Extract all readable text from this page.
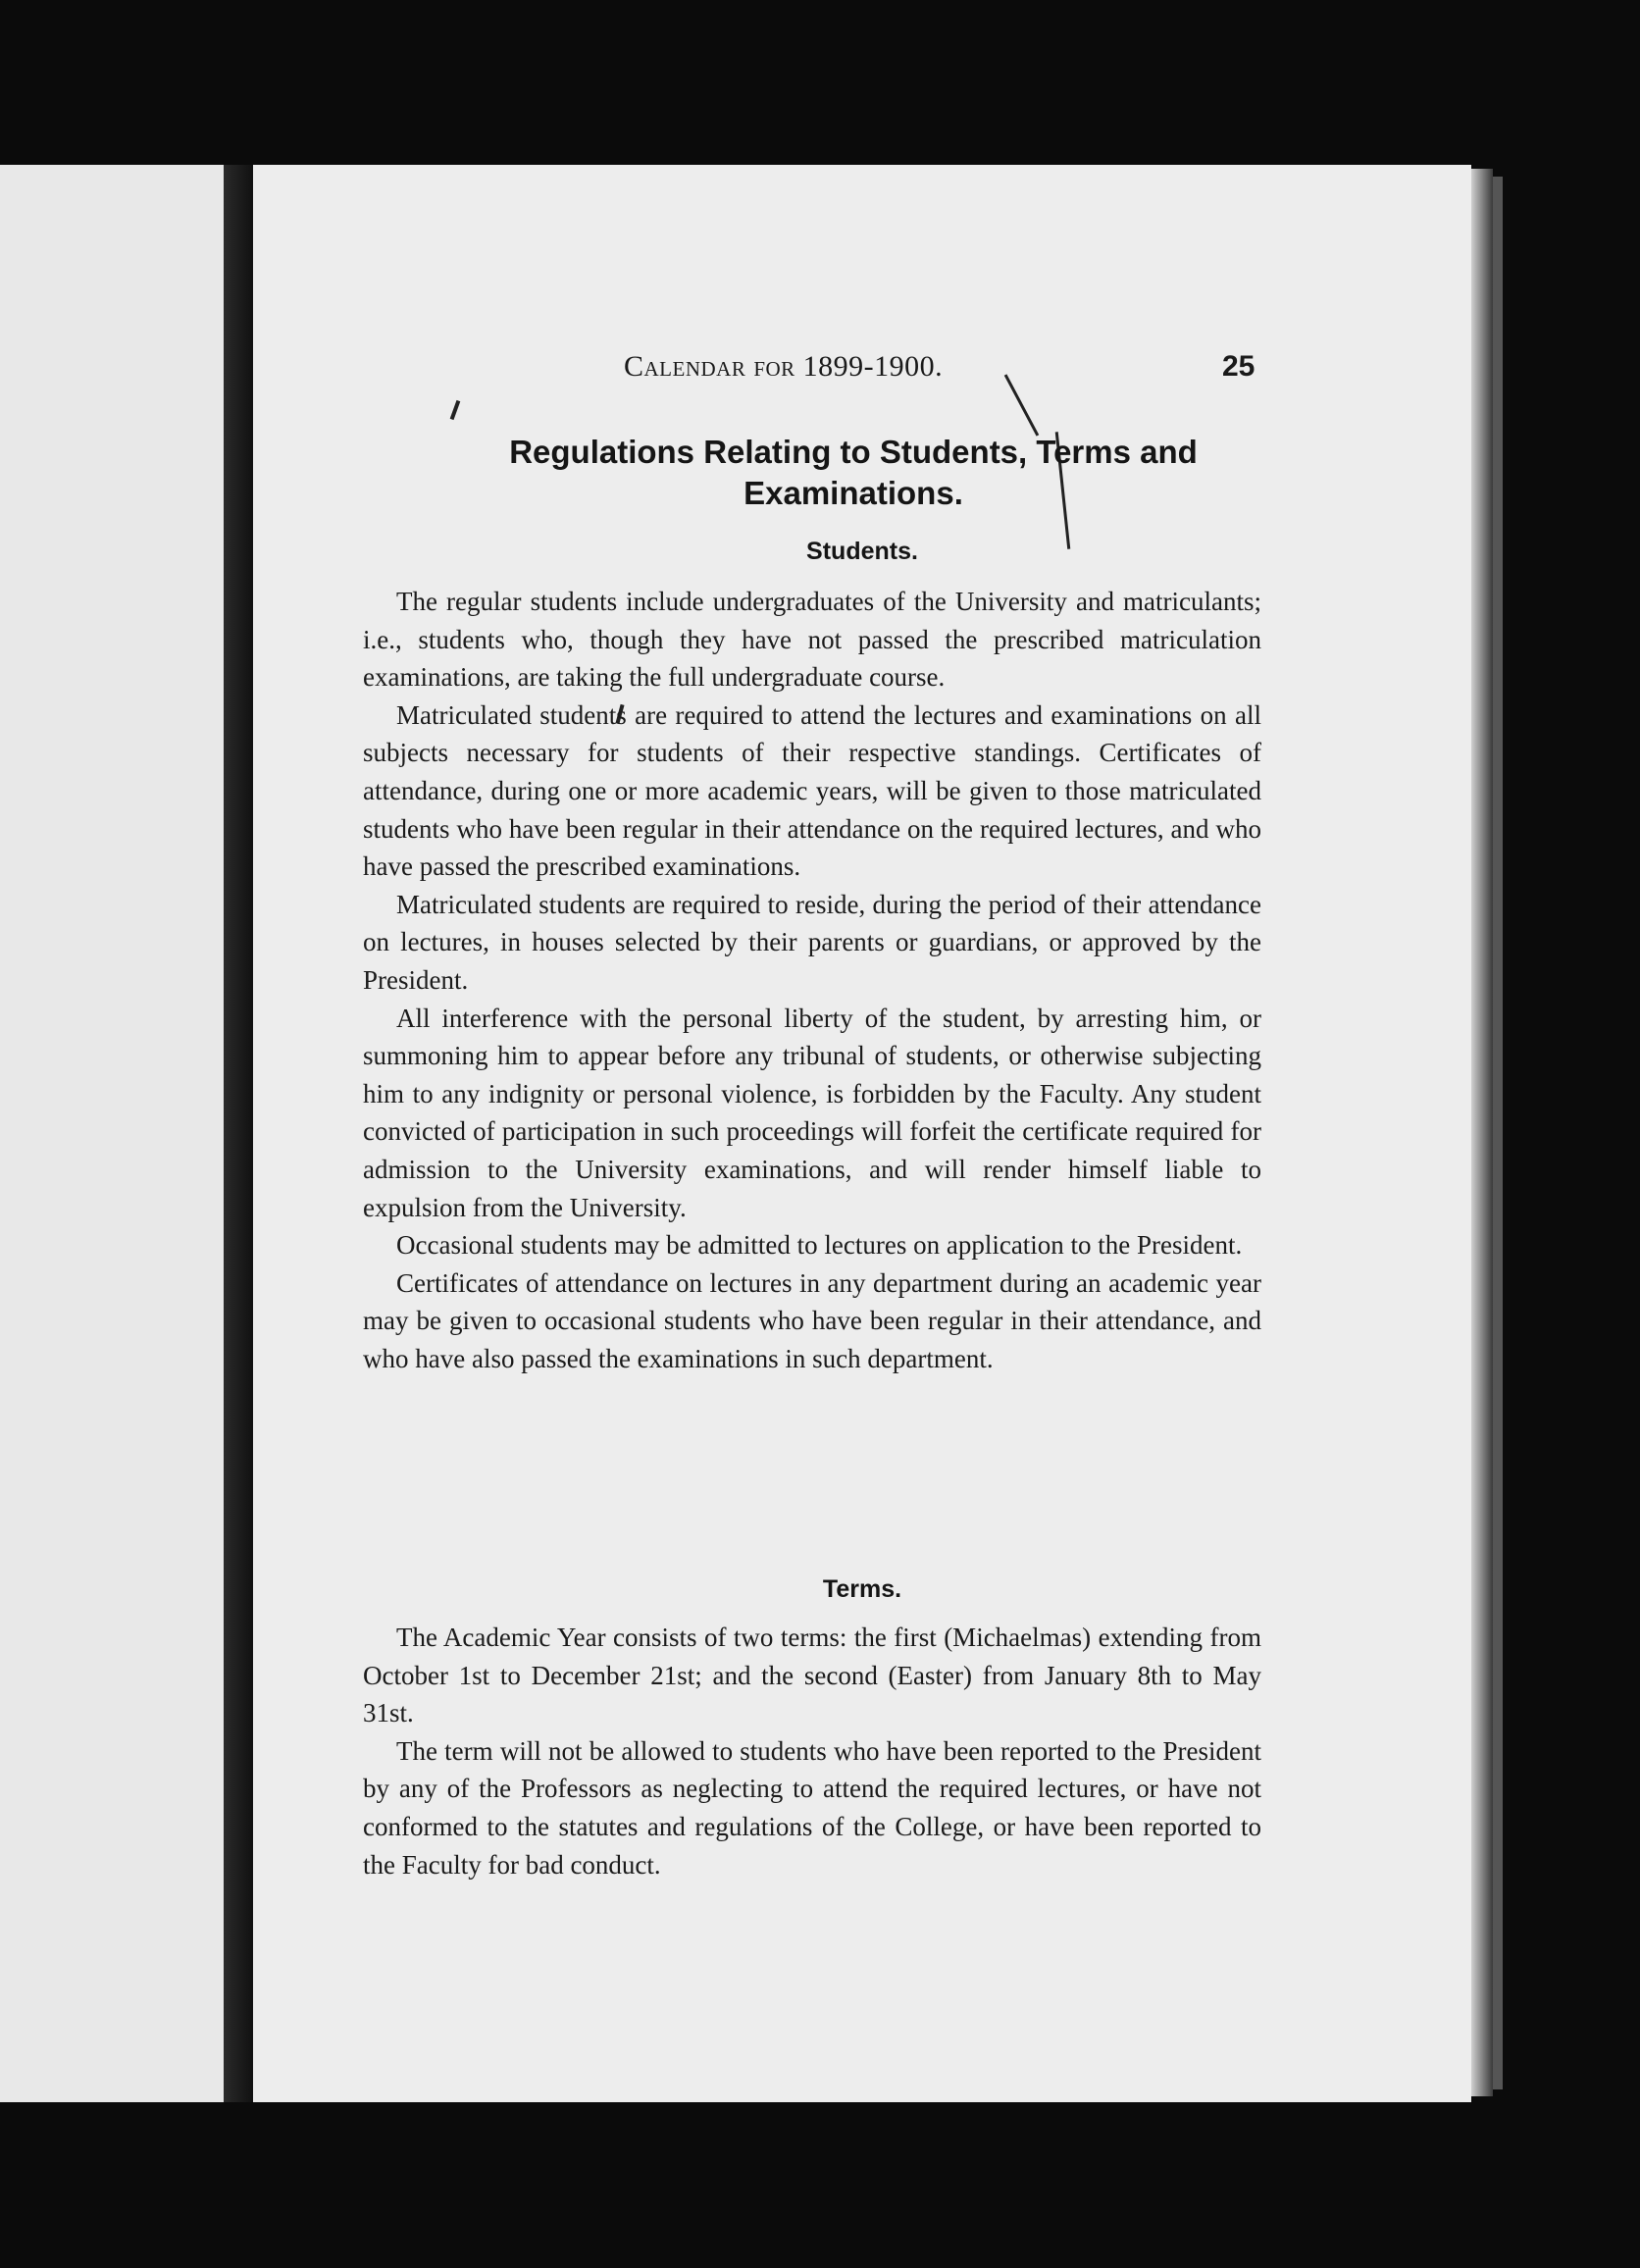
Calendar for 1899-1900.	25
Regulations Relating to Students, Terms and
Examinations.
Students.

The regular students include undergraduates of the University and matriculants; i.e., students who, though they have not passed the prescribed matriculation examinations, are taking the full undergraduate course.

Matriculated students are required to attend the lectures and examinations on all subjects necessary for students of their respective standings. Certificates of attendance, during one or more academic years, will be given to those matriculated students who have been regular in their attendance on the required lectures, and who have passed the prescribed examinations.

Matriculated students are required to reside, during the period of their attendance on lectures, in houses selected by their parents or guardians, or approved by the President.

All interference with the personal liberty of the student, by arresting him, or summoning him to appear before any tribunal of students, or otherwise subjecting him to any indignity or personal violence, is forbidden by the Faculty. Any student convicted of participation in such proceedings will forfeit the certificate required for admission to the University examinations, and will render himself liable to expulsion from the University.

Occasional students may be admitted to lectures on application to the President.

Certificates of attendance on lectures in any department during an academic year may be given to occasional students who have been regular in their attendance, and who have also passed the examinations in such department.

Terms.

The Academic Year consists of two terms: the first (Michaelmas) extending from October 1st to December 21st; and the second (Easter) from January 8th to May 31st.

The term will not be allowed to students who have been reported to the President by any of the Professors as neglecting to attend the required lectures, or have not conformed to the statutes and regulations of the College, or have been reported to the Faculty for bad conduct.
